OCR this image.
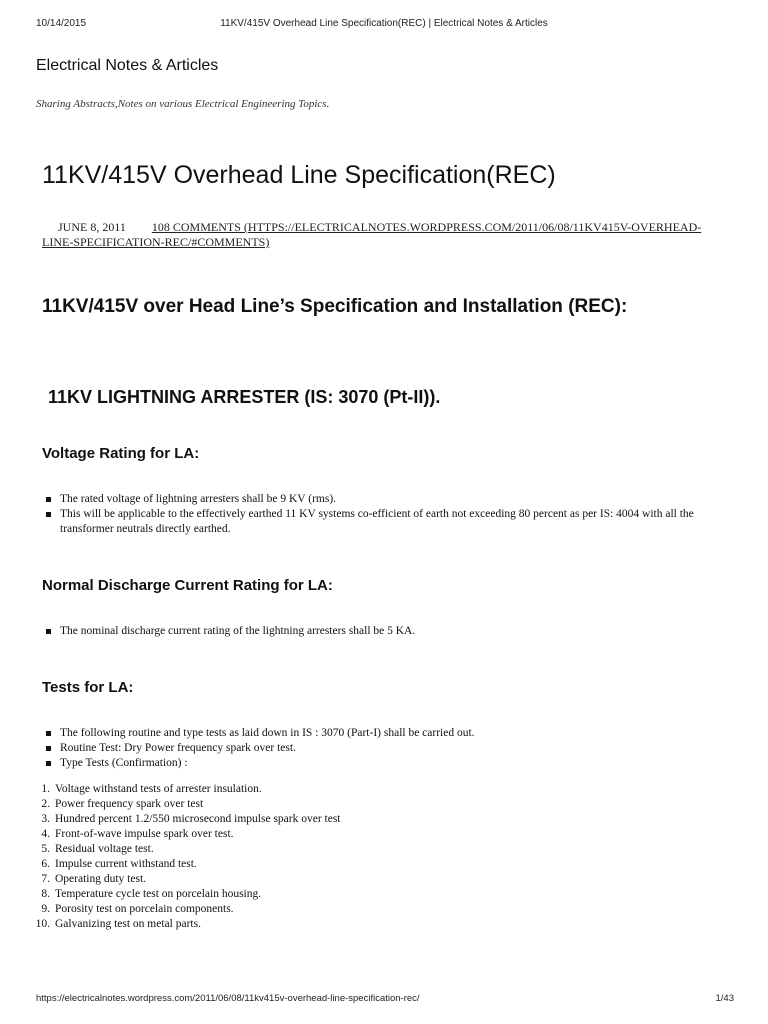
10/14/2015	11KV/415V Overhead Line Specification(REC) | Electrical Notes & Articles
Electrical Notes & Articles
Sharing Abstracts,Notes on various Electrical Engineering Topics.
11KV/415V Overhead Line Specification(REC)
JUNE 8, 2011 108 COMMENTS (HTTPS://ELECTRICALNOTES.WORDPRESS.COM/2011/06/08/11KV415V-OVERHEAD-LINE-SPECIFICATION-REC/#COMMENTS)
11KV/415V over Head Line’s Specification and Installation (REC):
11KV LIGHTNING ARRESTER (IS: 3070 (Pt-II)).
Voltage Rating for LA:
The rated voltage of lightning arresters shall be 9 KV (rms).
This will be applicable to the effectively earthed 11 KV systems co-efficient of earth not exceeding 80 percent as per IS: 4004 with all the transformer neutrals directly earthed.
Normal Discharge Current Rating for LA:
The nominal discharge current rating of the lightning arresters shall be 5 KA.
Tests for LA:
The following routine and type tests as laid down in IS : 3070 (Part-I) shall be carried out.
Routine Test: Dry Power frequency spark over test.
Type Tests (Confirmation) :
1. Voltage withstand tests of arrester insulation.
2. Power frequency spark over test
3. Hundred percent 1.2/550 microsecond impulse spark over test
4. Front-of-wave impulse spark over test.
5. Residual voltage test.
6. Impulse current withstand test.
7. Operating duty test.
8. Temperature cycle test on porcelain housing.
9. Porosity test on porcelain components.
10. Galvanizing test on metal parts.
https://electricalnotes.wordpress.com/2011/06/08/11kv415v-overhead-line-specification-rec/	1/43
